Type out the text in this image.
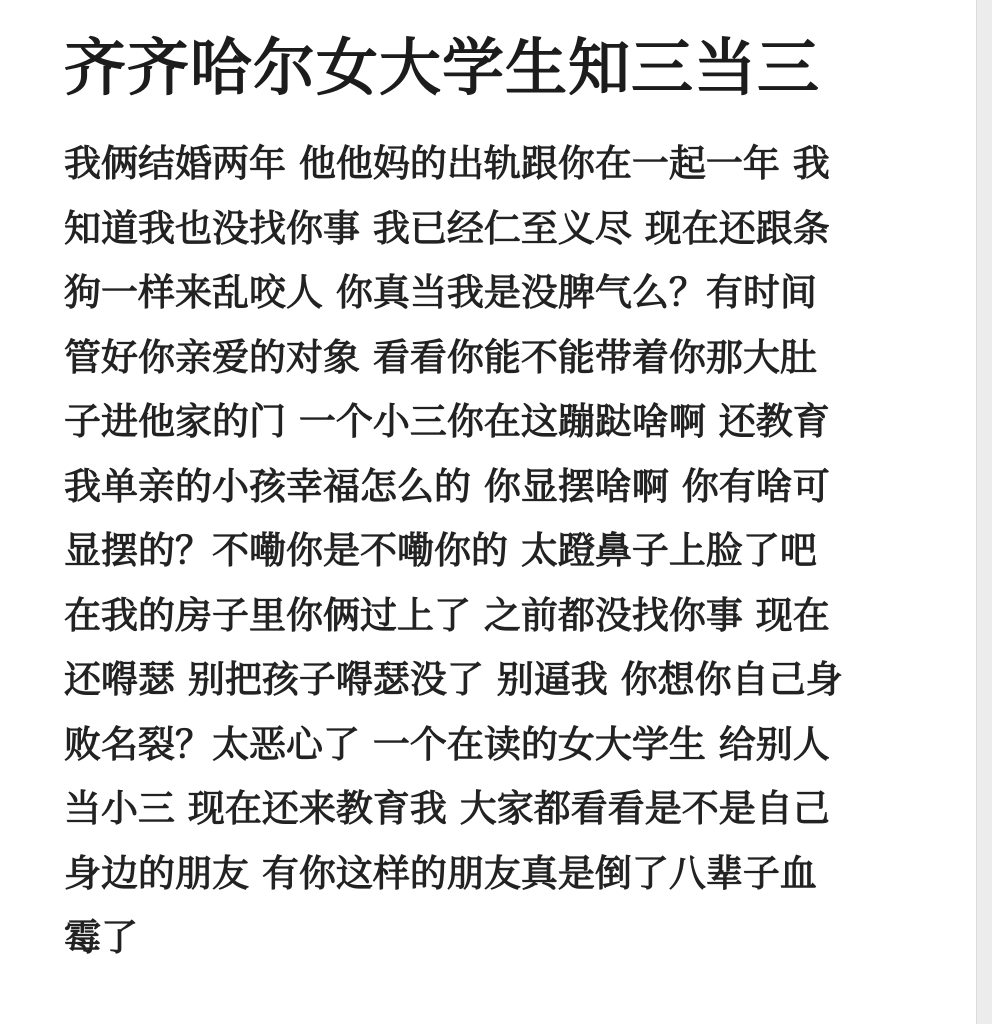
齐齐哈尔女大学生知三当三
我俩结婚两年 他他妈的出轨跟你在一起一年 我
知道我也没找你事 我已经仁至义尽 现在还跟条
狗一样来乱咬人 你真当我是没脾气么？有时间
管好你亲爱的对象 看看你能不能带着你那大肚
子进他家的门 一个小三你在这蹦跶啥啊 还教育
我单亲的小孩幸福怎么的 你显摆啥啊 你有啥可
显摆的？不嘞你是不嘞你的 太蹬鼻子上脸了吧
在我的房子里你俩过上了 之前都没找你事 现在
还嘚瑟 别把孩子嘚瑟没了 别逼我 你想你自己身
败名裂？太恶心了 一个在读的女大学生 给别人
当小三 现在还来教育我 大家都看看是不是自己
身边的朋友 有你这样的朋友真是倒了八辈子血
霉了
